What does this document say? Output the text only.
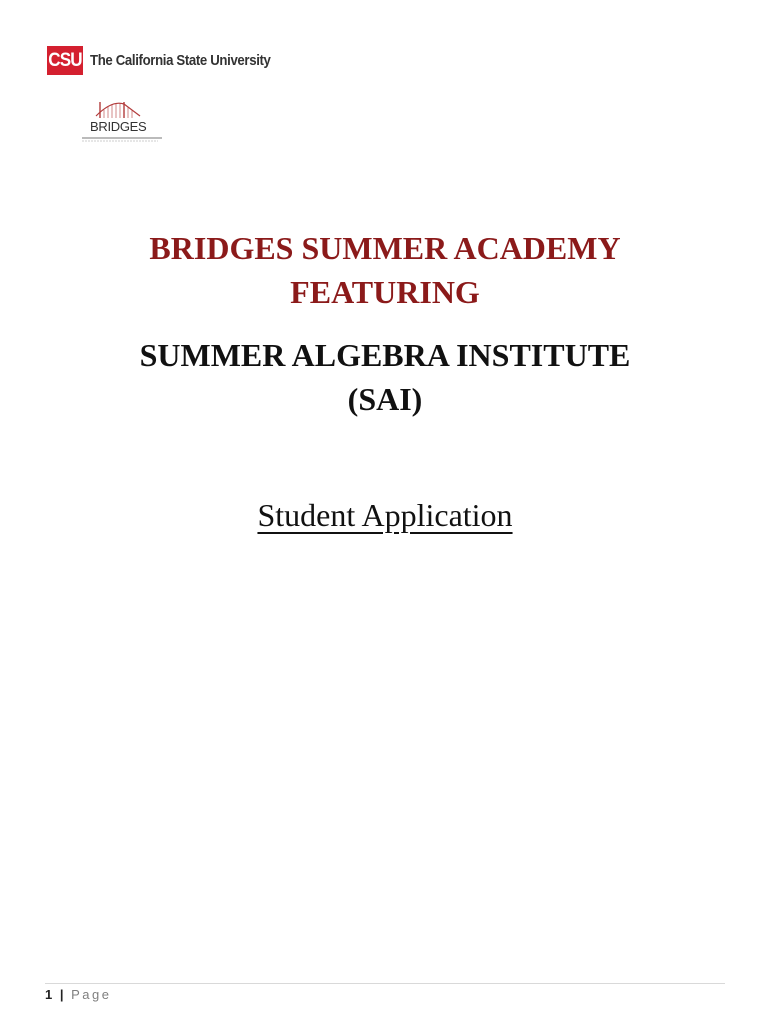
CSU The California State University
BRIDGES
BRIDGES SUMMER ACADEMY
FEATURING
SUMMER ALGEBRA INSTITUTE
(SAI)
Student Application
1 | Page
